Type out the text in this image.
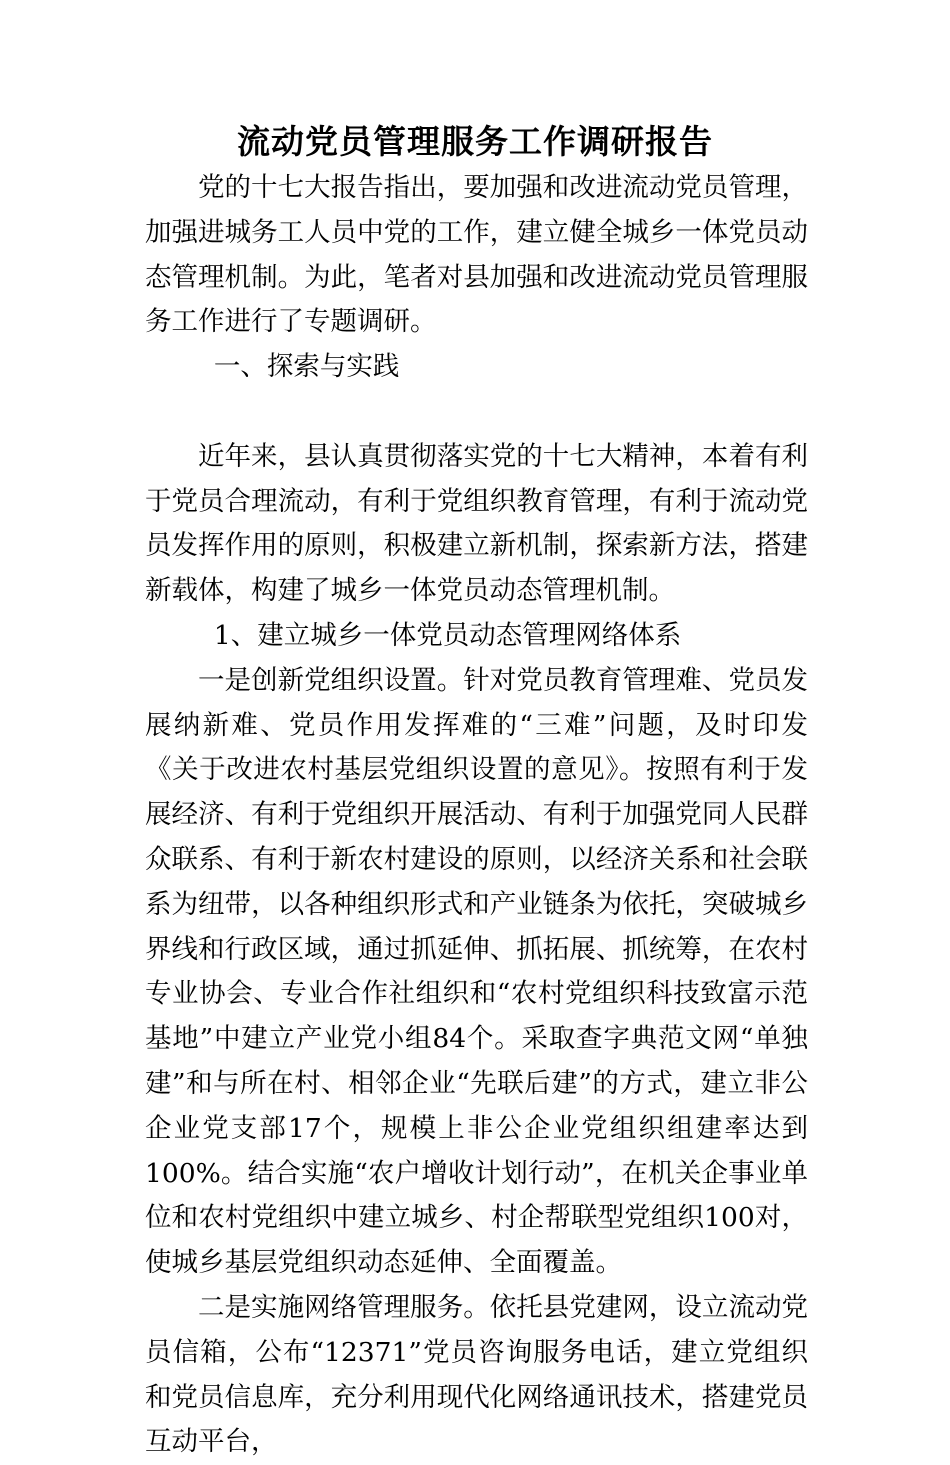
流动党员管理服务工作调研报告

党的十七大报告指出，要加强和改进流动党员管理，加强进城务工人员中党的工作，建立健全城乡一体党员动态管理机制。为此，笔者对县加强和改进流动党员管理服务工作进行了专题调研。

一、探索与实践

近年来，县认真贯彻落实党的十七大精神，本着有利于党员合理流动，有利于党组织教育管理，有利于流动党员发挥作用的原则，积极建立新机制，探索新方法，搭建新载体，构建了城乡一体党员动态管理机制。

1、建立城乡一体党员动态管理网络体系

一是创新党组织设置。针对党员教育管理难、党员发展纳新难、党员作用发挥难的“三难”问题，及时印发《关于改进农村基层党组织设置的意见》。按照有利于发展经济、有利于党组织开展活动、有利于加强党同人民群众联系、有利于新农村建设的原则，以经济关系和社会联系为纽带，以各种组织形式和产业链条为依托，突破城乡界线和行政区域，通过抓延伸、抓拓展、抓统筹，在农村专业协会、专业合作社组织和“农村党组织科技致富示范基地”中建立产业党小组84个。采取查字典范文网“单独建”和与所在村、相邻企业“先联后建”的方式，建立非公企业党支部17个，规模上非公企业党组织组建率达到100%。结合实施“农户增收计划行动”，在机关企事业单位和农村党组织中建立城乡、村企帮联型党组织100对，使城乡基层党组织动态延伸、全面覆盖。

二是实施网络管理服务。依托县党建网，设立流动党员信箱，公布“12371”党员咨询服务电话，建立党组织和党员信息库，充分利用现代化网络通讯技术，搭建党员互动平台，
